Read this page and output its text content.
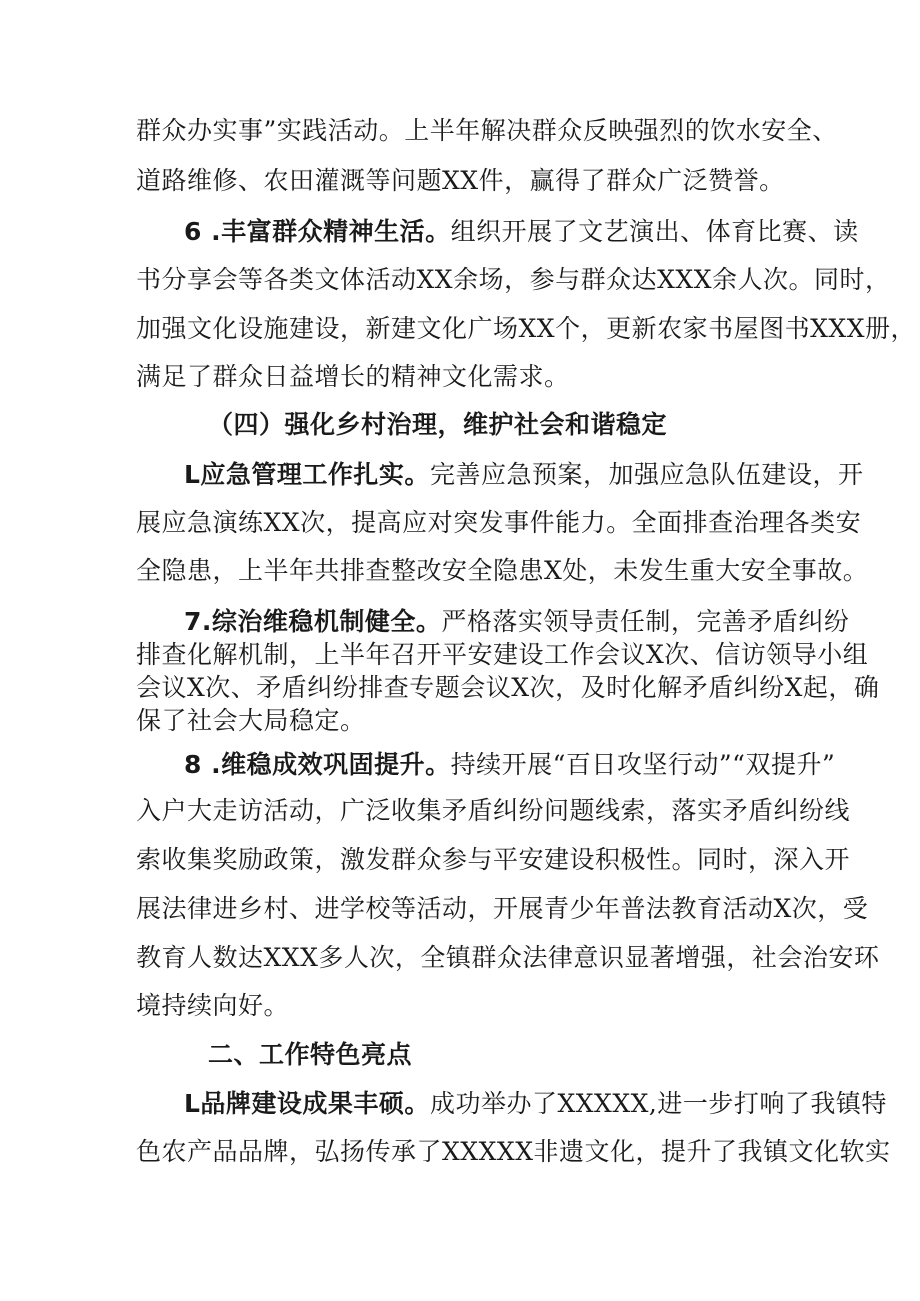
群众办实事”实践活动。上半年解决群众反映强烈的饮水安全、
道路维修、农田灌溉等问题XX件，赢得了群众广泛赞誉。
6 .丰富群众精神生活。组织开展了文艺演出、体育比赛、读
书分享会等各类文体活动XX余场，参与群众达XXX余人次。同时，
加强文化设施建设，新建文化广场XX个，更新农家书屋图书XXX册，
满足了群众日益增长的精神文化需求。
（四）强化乡村治理，维护社会和谐稳定
L应急管理工作扎实。完善应急预案，加强应急队伍建设，开
展应急演练XX次，提高应对突发事件能力。全面排查治理各类安
全隐患，上半年共排查整改安全隐患X处，未发生重大安全事故。
7.综治维稳机制健全。严格落实领导责任制，完善矛盾纠纷
排查化解机制，上半年召开平安建设工作会议X次、信访领导小组
会议X次、矛盾纠纷排查专题会议X次，及时化解矛盾纠纷X起，确
保了社会大局稳定。
8 .维稳成效巩固提升。持续开展“百日攻坚行动”“双提升”
入户大走访活动，广泛收集矛盾纠纷问题线索，落实矛盾纠纷线
索收集奖励政策，激发群众参与平安建设积极性。同时，深入开
展法律进乡村、进学校等活动，开展青少年普法教育活动X次，受
教育人数达XXX多人次，全镇群众法律意识显著增强，社会治安环
境持续向好。
二、工作特色亮点
L品牌建设成果丰硕。成功举办了XXXXX,进一步打响了我镇特
色农产品品牌，弘扬传承了XXXXX非遗文化，提升了我镇文化软实
